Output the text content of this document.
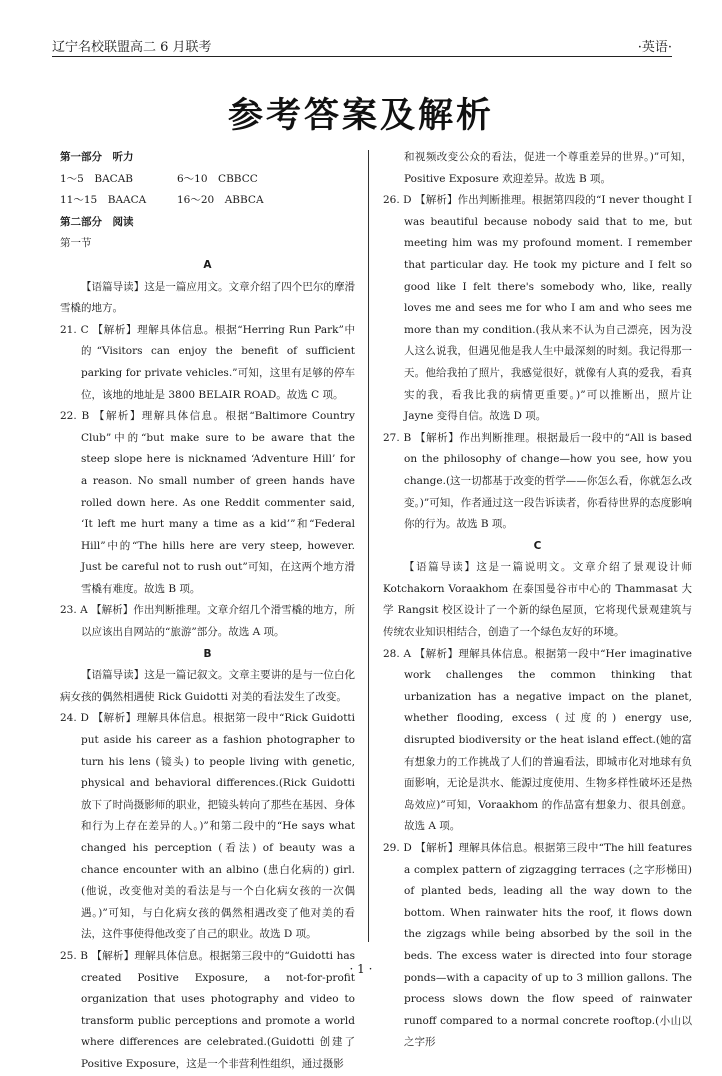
辽宁名校联盟高二 6 月联考	·英语·
参考答案及解析

第一部分　听力

1～5　BACAB	6～10　CBBCC

11～15　BAACA	16～20　ABBCA

第二部分　阅读

第一节

A

【语篇导读】这是一篇应用文。文章介绍了四个巴尔的摩滑雪橇的地方。

21. C 【解析】理解具体信息。根据“Herring Run Park”中的“Visitors can enjoy the benefit of sufficient parking for private vehicles.”可知，这里有足够的停车位，该地的地址是 3800 BELAIR ROAD。故选 C 项。

22. B 【解析】理解具体信息。根据“Baltimore Country Club”中的“but make sure to be aware that the steep slope here is nicknamed ‘Adventure Hill’ for a reason. No small number of green hands have rolled down here. As one Reddit commenter said, ‘It left me hurt many a time as a kid’”和“Federal Hill”中的“The hills here are very steep, however. Just be careful not to rush out”可知，在这两个地方滑雪橇有难度。故选 B 项。

23. A 【解析】作出判断推理。文章介绍几个滑雪橇的地方，所以应该出自网站的“旅游”部分。故选 A 项。

B

【语篇导读】这是一篇记叙文。文章主要讲的是与一位白化病女孩的偶然相遇使 Rick Guidotti 对美的看法发生了改变。

24. D 【解析】理解具体信息。根据第一段中“Rick Guidotti put aside his career as a fashion photographer to turn his lens (镜头) to people living with genetic, physical and behavioral differences.(Rick Guidotti 放下了时尚摄影师的职业，把镜头转向了那些在基因、身体和行为上存在差异的人。)”和第二段中的“He says what changed his perception (看法) of beauty was a chance encounter with an albino (患白化病的) girl.(他说，改变他对美的看法是与一个白化病女孩的一次偶遇。)”可知，与白化病女孩的偶然相遇改变了他对美的看法，这件事使得他改变了自己的职业。故选 D 项。

25. B 【解析】理解具体信息。根据第三段中的“Guidotti has created Positive Exposure, a not-for-profit organization that uses photography and video to transform public perceptions and promote a world where differences are celebrated.(Guidotti 创建了 Positive Exposure，这是一个非营利性组织，通过摄影

和视频改变公众的看法，促进一个尊重差异的世界。)”可知，Positive Exposure 欢迎差异。故选 B 项。

26. D 【解析】作出判断推理。根据第四段的“I never thought I was beautiful because nobody said that to me, but meeting him was my profound moment. I remember that particular day. He took my picture and I felt so good like I felt there's somebody who, like, really loves me and sees me for who I am and who sees me more than my condition.(我从来不认为自己漂亮，因为没人这么说我，但遇见他是我人生中最深刻的时刻。我记得那一天。他给我拍了照片，我感觉很好，就像有人真的爱我，看真实的我，看我比我的病情更重要。)”可以推断出，照片让 Jayne 变得自信。故选 D 项。

27. B 【解析】作出判断推理。根据最后一段中的“All is based on the philosophy of change—how you see, how you change.(这一切都基于改变的哲学——你怎么看，你就怎么改变。)”可知，作者通过这一段告诉读者，你看待世界的态度影响你的行为。故选 B 项。

C

【语篇导读】这是一篇说明文。文章介绍了景观设计师 Kotchakorn Voraakhom 在泰国曼谷市中心的 Thammasat 大学 Rangsit 校区设计了一个新的绿色屋顶，它将现代景观建筑与传统农业知识相结合，创造了一个绿色友好的环境。

28. A 【解析】理解具体信息。根据第一段中“Her imaginative work challenges the common thinking that urbanization has a negative impact on the planet, whether flooding, excess (过度的) energy use, disrupted biodiversity or the heat island effect.(她的富有想象力的工作挑战了人们的普遍看法，即城市化对地球有负面影响，无论是洪水、能源过度使用、生物多样性破坏还是热岛效应)”可知，Voraakhom 的作品富有想象力、很具创意。故选 A 项。

29. D 【解析】理解具体信息。根据第三段中“The hill features a complex pattern of zigzagging terraces (之字形梯田) of planted beds, leading all the way down to the bottom. When rainwater hits the roof, it flows down the zigzags while being absorbed by the soil in the beds. The excess water is directed into four storage ponds—with a capacity of up to 3 million gallons. The process slows down the flow speed of rainwater runoff compared to a normal concrete rooftop.(小山以之字形

· 1 ·
